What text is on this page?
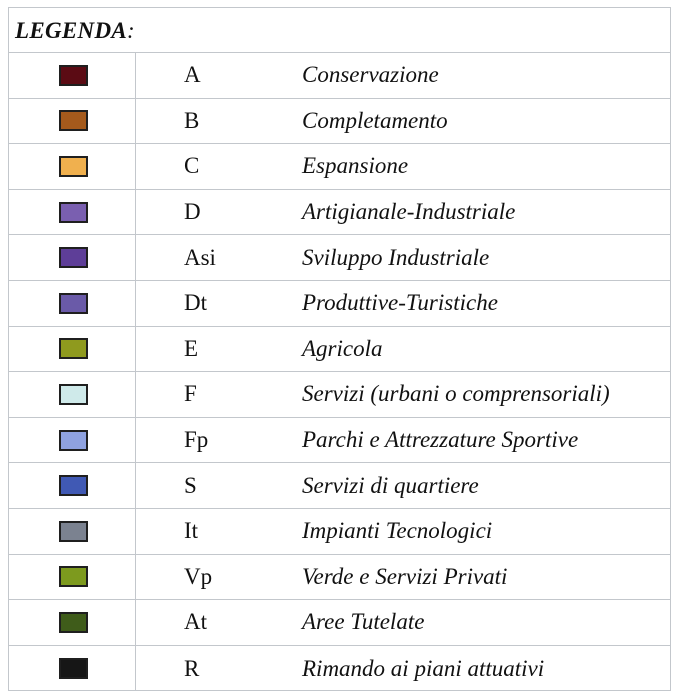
LEGENDA:
A	Conservazione
B	Completamento
C	Espansione
D	Artigianale-Industriale
Asi	Sviluppo Industriale
Dt	Produttive-Turistiche
E	Agricola
F	Servizi (urbani o comprensoriali)
Fp	Parchi e Attrezzature Sportive
S	Servizi di quartiere
It	Impianti Tecnologici
Vp	Verde e Servizi Privati
At	Aree Tutelate
R	Rimando ai piani attuativi
